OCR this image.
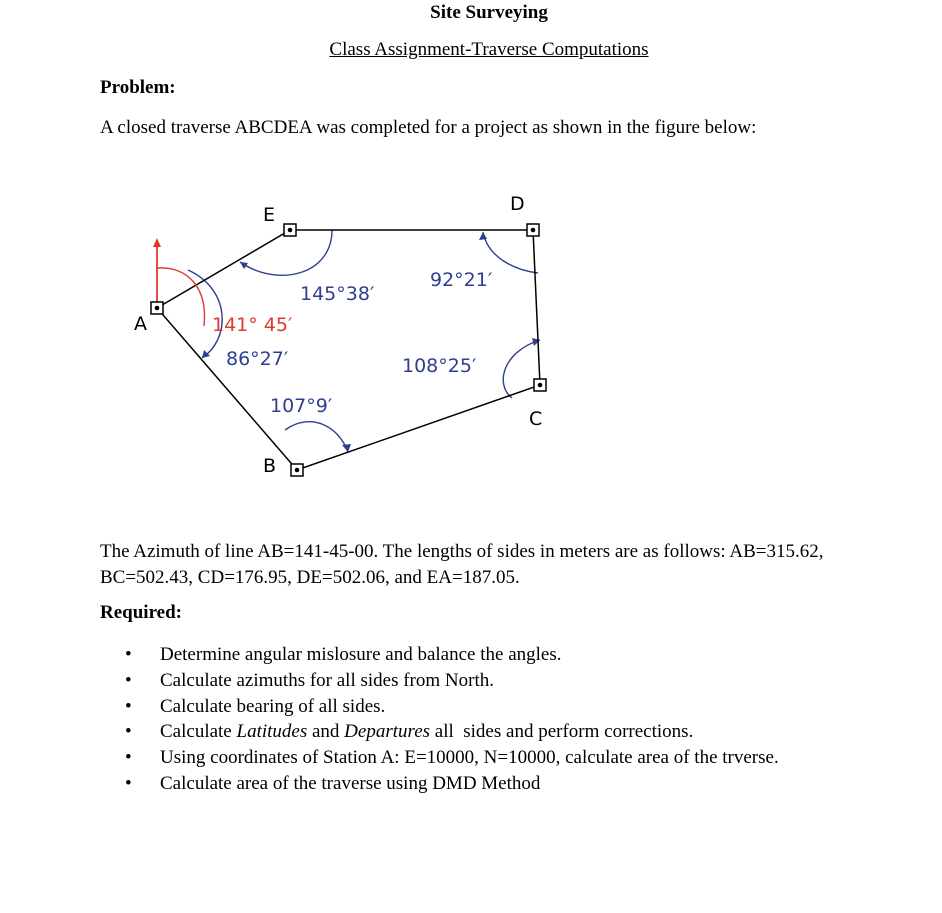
Site Surveying
Class Assignment-Traverse Computations
Problem:
A closed traverse ABCDEA was completed for a project as shown in the figure below:
A
E	D
C
B
141° 45′
86°27′
107°9′
108°25′
92°21′
145°38′
The Azimuth of line AB=141-45-00. The lengths of sides in meters are as follows: AB=315.62, BC=502.43, CD=176.95, DE=502.06, and EA=187.05.
Required:
• Determine angular mislosure and balance the angles.
• Calculate azimuths for all sides from North.
• Calculate bearing of all sides.
• Calculate Latitudes and Departures all  sides and perform corrections.
• Using coordinates of Station A: E=10000, N=10000, calculate area of the trverse.
• Calculate area of the traverse using DMD Method
